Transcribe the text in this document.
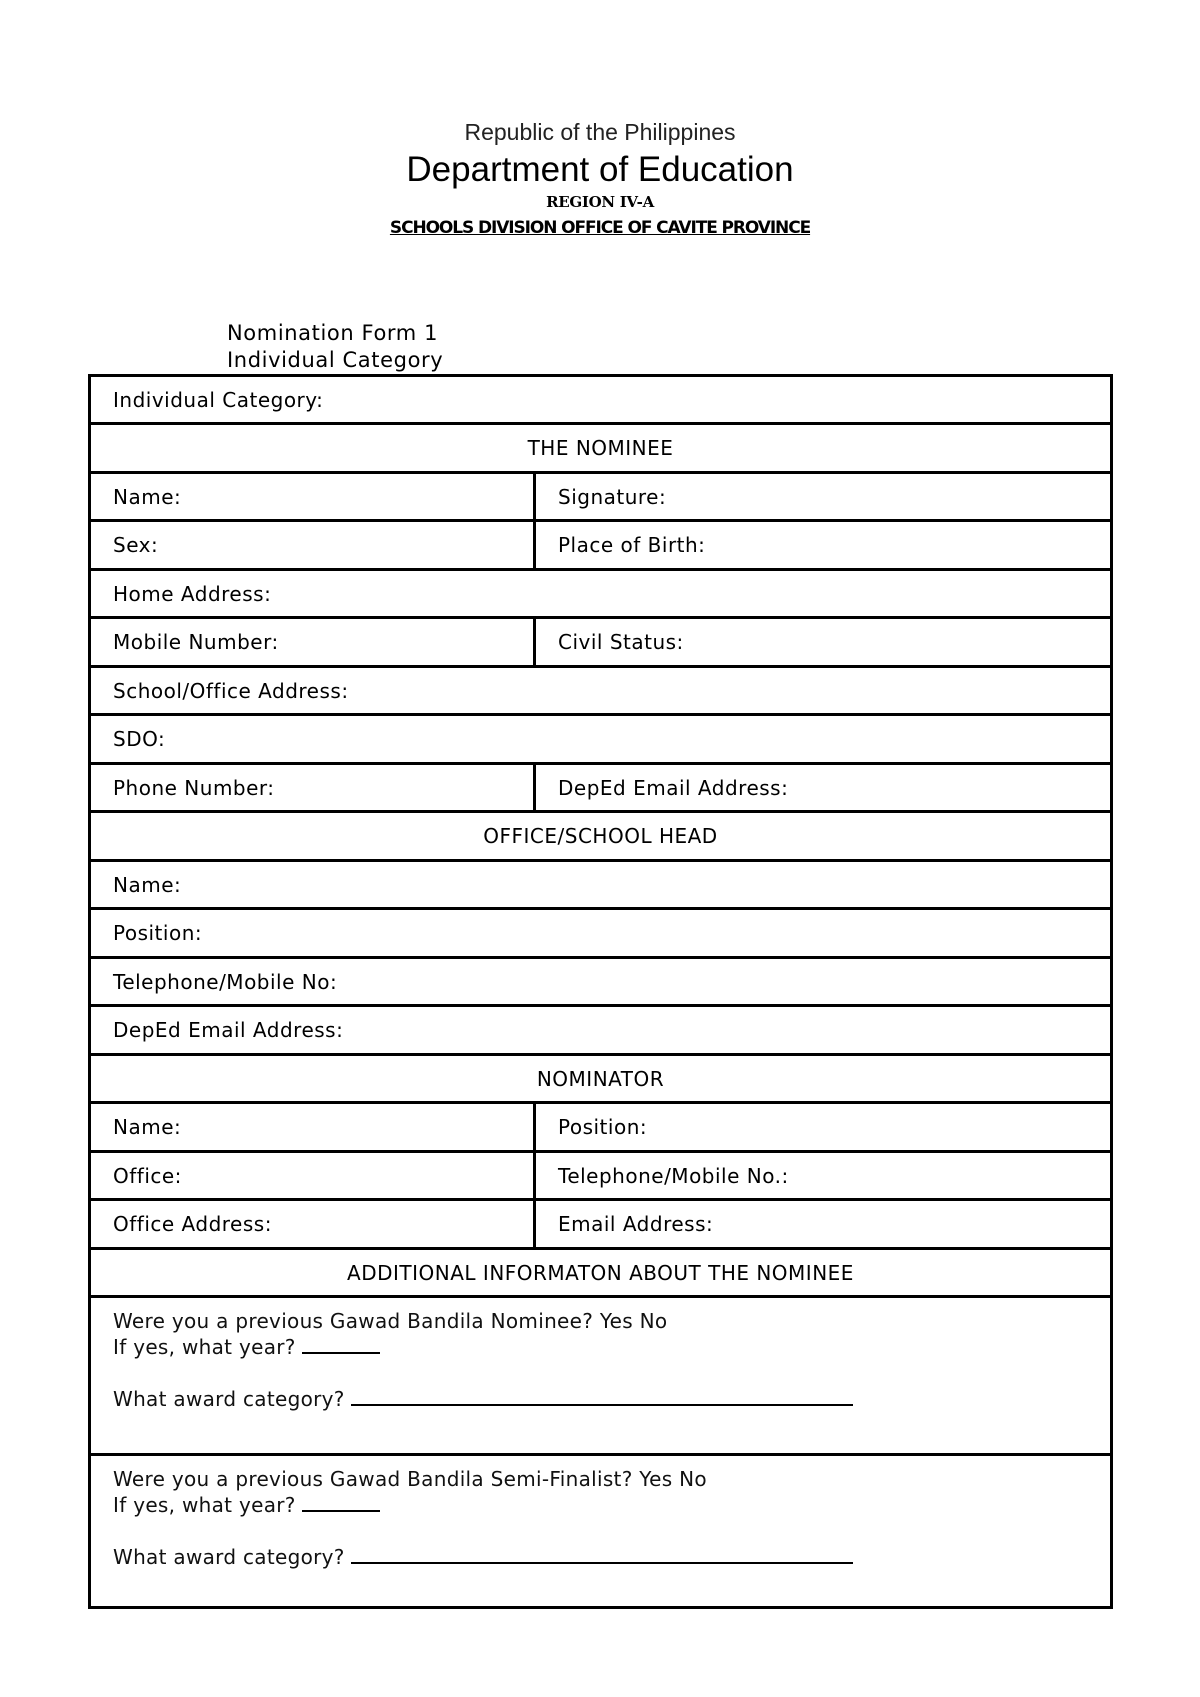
Republic of the Philippines
Department of Education
REGION IV-A
SCHOOLS DIVISION OFFICE OF CAVITE PROVINCE
Nomination Form 1
Individual Category
Individual Category:
THE NOMINEE
Name:	Signature:
Sex:	Place of Birth:
Home Address:
Mobile Number:	Civil Status:
School/Office Address:
SDO:
Phone Number:	DepEd Email Address:
OFFICE/SCHOOL HEAD
Name:
Position:
Telephone/Mobile No:
DepEd Email Address:
NOMINATOR
Name:	Position:
Office:	Telephone/Mobile No.:
Office Address:	Email Address:
ADDITIONAL INFORMATON ABOUT THE NOMINEE
Were you a previous Gawad Bandila Nominee? Yes No
If yes, what year?
What award category?
Were you a previous Gawad Bandila Semi-Finalist? Yes No
If yes, what year?
What award category?
